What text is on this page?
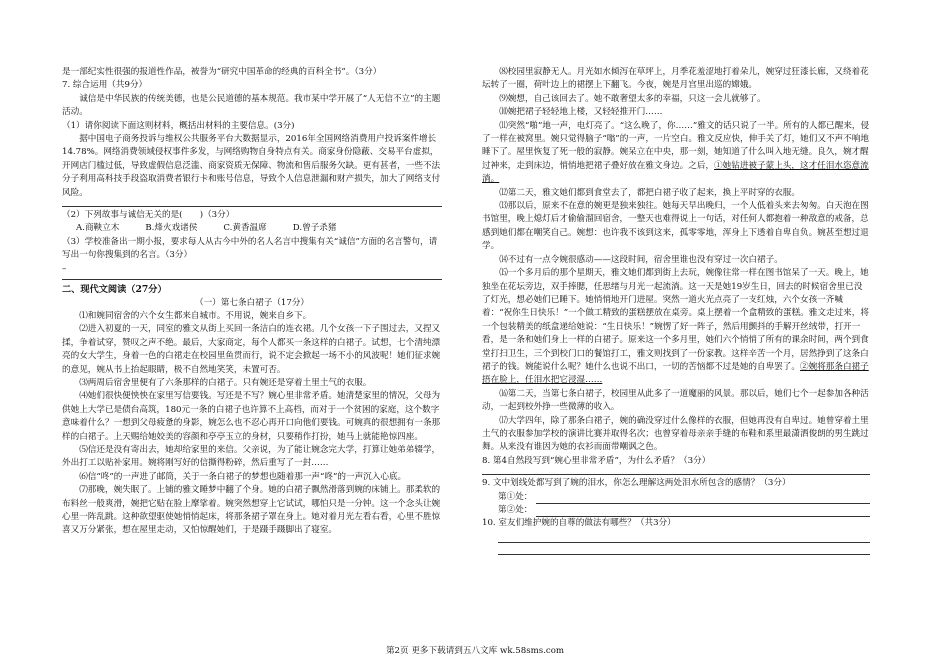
是一部纪实性很强的报道性作品，被誉为“研究中国革命的经典的百科全书”。（3分）

7. 综合运用（共9分）

诚信是中华民族的传统美德，也是公民道德的基本规范。我市某中学开展了“人无信不立”的主题活动。

（1）请你阅读下面这则材料，概括出材料的主要信息。(3分)

据中国电子商务投诉与维权公共服务平台大数据显示，2016年全国网络消费用户投诉案件增长14.78%。网络消费领域侵权事件多发，与网络购物自身特点有关。商家身份隐蔽、交易平台虚拟，开网店门槛过低，导致虚假信息泛滥、商家资质无保障、物流和售后服务欠缺。更有甚者，一些不法分子利用高科技手段盗取消费者银行卡和账号信息，导致个人信息泄漏和财产损失，加大了网络支付风险。

（2）下列故事与诚信无关的是(　　)（3分）

A.商鞅立木	B.烽火戏诸侯	C.黄香温席	D.曾子杀猪

（3）学校准备出一期小报，要求每人从古今中外的名人名言中搜集有关“诚信”方面的名言警句，请写出一句你搜集到的名言。（3分）

–

二、现代文阅读（27分）

（一）第七条白裙子（17分）

⑴和婉同宿舍的六个女生都来自城市。不用说，婉来自乡下。

⑵进入初夏的一天，同室的雅文从街上买回一条洁白的连衣裙。几个女孩一下子围过去，又捏又揉，争着试穿，赞叹之声不绝。最后，大家商定，每个人都买一条这样的白裙子。试想，七个清纯漂亮的女大学生，身着一色的白裙走在校园里鱼贯而行，说不定会掀起一场不小的风波呢！她们征求婉的意见，婉从书上抬起眼睛，极不自然地笑笑，未置可否。

⑶两周后宿舍里便有了六条那样的白裙子。只有婉还是穿着土里土气的衣服。

⑷她们很快便怏怏在家里写信要钱。写还是不写？婉心里非常矛盾。她清楚家里的情况，父母为供她上大学已是债台高筑，180元一条的白裙子也许算不上高档，而对于一个贫困的家庭，这个数字意味着什么？一想到父母疲惫的身影，婉怎么也不忍心再开口向他们要钱。可婉真的很想拥有一条那样的白裙子。上天赐给她姣美的容颜和亭亭玉立的身材，只要稍作打扮，她马上就能艳惊四座。

⑸信还是没有寄出去，她却给家里的来信。父亲说，为了能让婉念完大学，打算让她弟弟辍学，外出打工以贴补家用。婉将刚写好的信撕得粉碎，然后重写了一封……

⑹信“咚”的一声进了邮筒，关于一条白裙子的梦想也随着那一声“咚”的一声沉入心底。

⑺那晚，婉失眠了。上铺的雅文睡梦中翻了个身。她的白裙子飘然滑落到婉的床铺上。那柔软的布料丝一般爽滑，婉把它贴在脸上摩挲着。婉突然想穿上它试试，哪怕只是一分钟。这一个念头让婉心里一阵乱跳。这种欲望驱使她悄悄起床，将那条裙子罩在身上。她对着月光左看右看，心里不胜惊喜又万分紧张，想在屋里走动，又怕惊醒她们，于是蹑手蹑脚出了寝室。

⑻校园里寂静无人。月光如水倾泻在草坪上，月季花羞涩地打着朵儿，婉穿过狂漆长廊，又绕着花坛转了一圈，荷叶边上的裙摆上下翻飞。今夜，婉是月宫里出巡的嫦娥。

⑼婉想，自己该回去了。她不敢奢望太多的幸福，只这一会儿就够了。

⑽婉把裙子轻轻地上楼，又轻轻推开门……

⑾突然“啪”地一声，电灯亮了。“这么晚了，你……”雅文的话只说了一半。所有的人都已醒来，侵了一样在被窝里。婉只觉得脑子“嗡”的一声，一片空白。雅文反应快，伸手关了灯，她们又不声不响地睡下了。屋里恢复了死一般的寂静。婉呆立在中央，那一刻，她知道了什么叫入地无缝。良久，婉才醒过神来，走到床边，悄悄地把裙子叠好放在雅文身边。之后，①她钻进被子蒙上头，这才任泪水恣意流淌。

⑿第二天，雅文她们都到食堂去了，都把白裙子收了起来，换上平时穿的衣服。

⒀那以后，原来不在意的婉更是独来独往。她每天早出晚归，一个人低着头来去匆匆。白天泡在图书馆里，晚上熄灯后才偷偷溜回宿舍，一整天也难得说上一句话，对任何人都抱着一种敌意的戒备，总感到她们都在嘲笑自己。婉想：也许我不该到这来，孤零零地，浑身上下透着自卑自负。婉甚至想过退学。

⒁不过有一点令婉很感动——这段时间，宿舍里谁也没有穿过一次白裙子。

⒂一个多月后的那个星期天，雅文她们都到街上去玩，婉像往常一样在图书馆呆了一天。晚上，她独坐在花坛旁边，双手捧腮，任思绪与月光一起流淌。这一天是她19岁生日，回去的时候宿舍里已没了灯光，想必她们已睡下。她悄悄地开门进屋。突然一道火光点亮了一支红烛，六个女孩一齐喊着：“祝你生日快乐！”一个做工精致的蛋糕摆放在桌旁。桌上摆着一个盒精致的蛋糕。雅文走过来，将一个包装精美的纸盒递给她说：“生日快乐！”婉愣了好一阵子，然后用颤抖的手解开丝绒带，打开一看，是一条和她们身上一样的白裙子。原来这一个多月里，她们六个悄悄了所有的课余时间，两个到食堂打扫卫生，三个到校门口的餐馆打工，雅文则找到了一份家教。这样辛苦一个月，居然挣到了这条白裙子的钱。婉能说什么呢？她什么也说不出口，一切的苦恼都不过是她的自卑罢了。②婉将那条白裙子捂在脸上，任泪水把它浸湿……

⒃第二天，当第七条白裙子，校园里从此多了一道魔丽的风景。那以后，她们七个一起参加各种活动，一起到校外挣一些微薄的收入。

⒄大学四年，除了那条白裙子，婉的确没穿过什么像样的衣服，但她再没有自卑过。她曾穿着土里土气的衣服参加学校的演讲比赛并取得名次；也曾穿着母亲亲手缝的布鞋和系里最潇洒俊朗的男生跳过舞。从来没有谁因为她的衣衫而面带嘲讽之色。

8. 第4自然段写到“婉心里非常矛盾”，为什么矛盾？（3分）

9. 文中划线处都写到了婉的泪水，你怎么理解这两处泪水所包含的感情？（3分）

第①处：
第②处：

10. 室友们维护婉的自尊的做法有哪些？（共3分）

第2页 更多下载请到五八文库 wk.58sms.com
